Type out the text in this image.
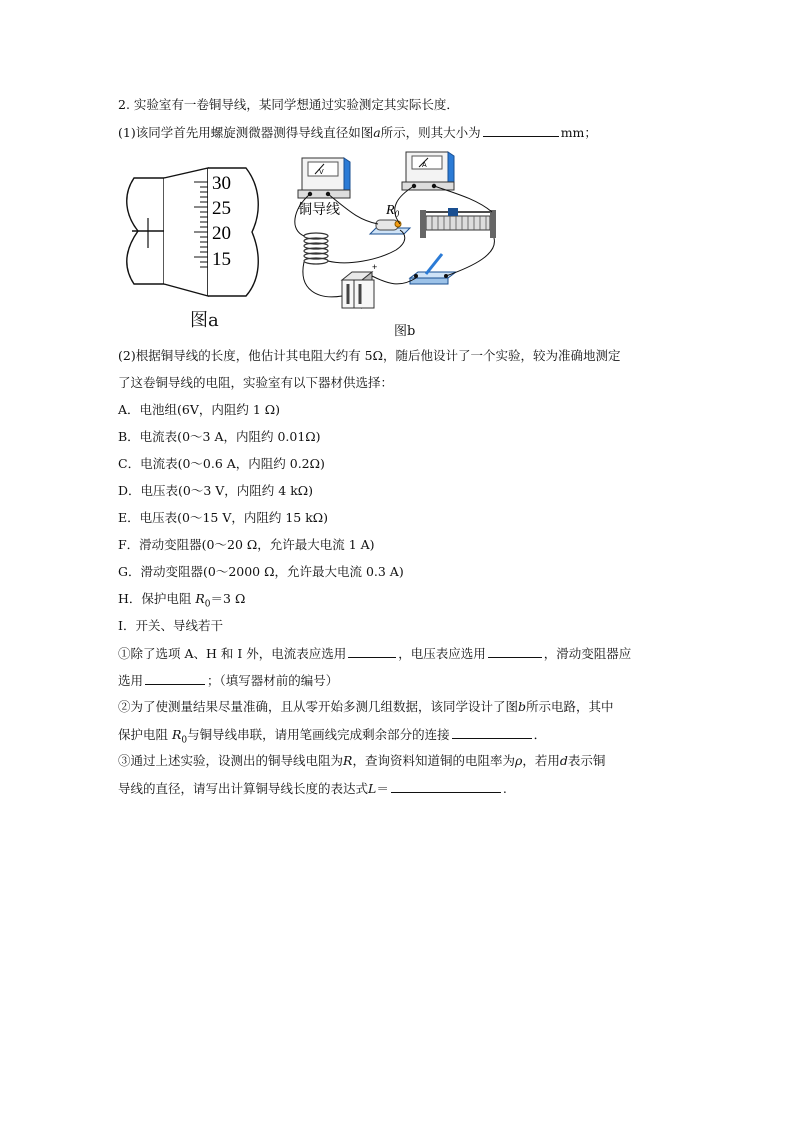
2. 实验室有一卷铜导线，某同学想通过实验测定其实际长度．
(1)该同学首先用螺旋测微器测得导线直径如图a所示，则其大小为	mm；
30
25
20
15
图a
V
A
铜导线	$R_0$
+
图b
(2)根据铜导线的长度，他估计其电阻大约有 5Ω，随后他设计了一个实验，较为准确地测定
了这卷铜导线的电阻，实验室有以下器材供选择：
A．电池组(6V，内阻约 1 Ω)
B．电流表(0～3 A，内阻约 0.01Ω)
C．电流表(0～0.6 A，内阻约 0.2Ω)
D．电压表(0～3 V，内阻约 4 kΩ)
E．电压表(0～15 V，内阻约 15 kΩ)
F．滑动变阻器(0～20 Ω，允许最大电流 1 A)
G．滑动变阻器(0～2000 Ω，允许最大电流 0.3 A)
H．保护电阻 $R_0=3$ Ω
I．开关、导线若干
①除了选项 A、H 和 I 外，电流表应选用	，电压表应选用	，滑动变阻器应
选用	；（填写器材前的编号）
②为了使测量结果尽量准确，且从零开始多测几组数据，该同学设计了图b所示电路，其中
保护电阻 $R_0$与铜导线串联，请用笔画线完成剩余部分的连接	．
③通过上述实验，设测出的铜导线电阻为R，查询资料知道铜的电阻率为ρ，若用d表示铜
导线的直径，请写出计算铜导线长度的表达式L＝	.
